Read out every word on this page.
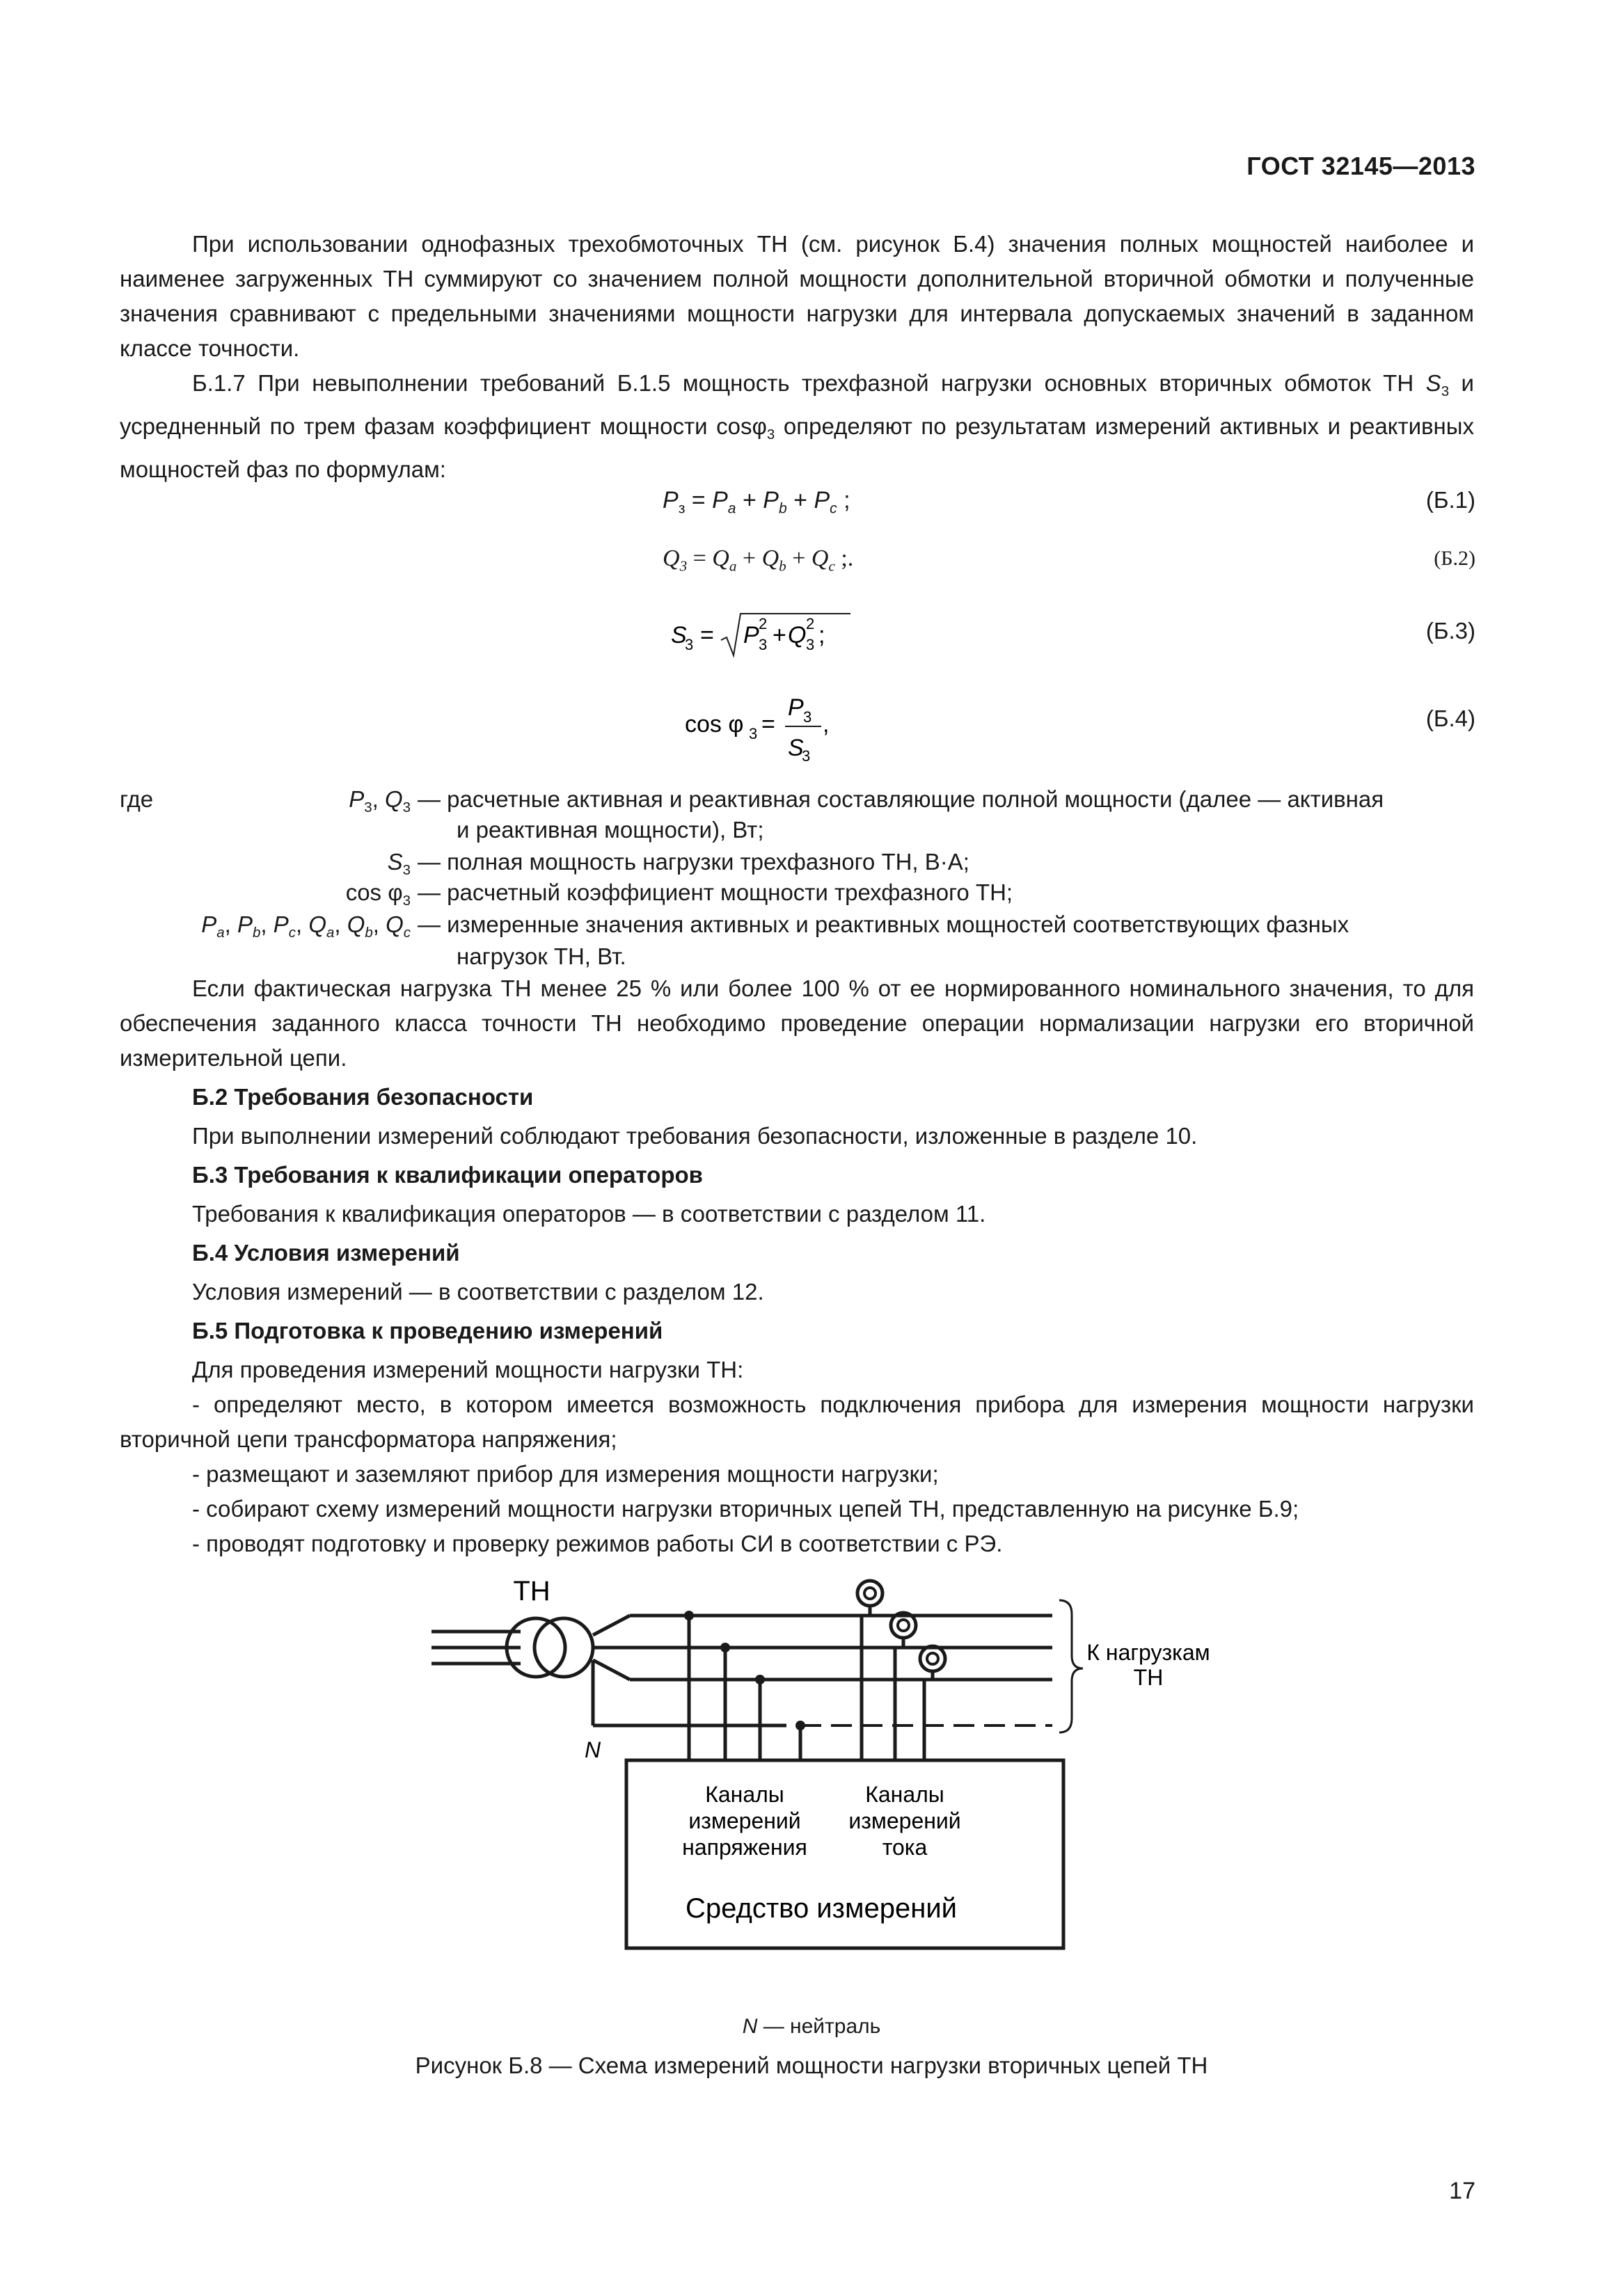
ГОСТ 32145—2013

При использовании однофазных трехобмоточных ТН (см. рисунок Б.4) значения полных мощностей наиболее и наименее загруженных ТН суммируют со значением полной мощности дополнительной вторичной обмотки и полученные значения сравнивают с предельными значениями мощности нагрузки для интервала допускаемых значений в заданном классе точности.

Б.1.7 При невыполнении требований Б.1.5 мощность трехфазной нагрузки основных вторичных обмоток ТН $S_3$ и усредненный по трем фазам коэффициент мощности cosφ$_3$ определяют по результатам измерений активных и реактивных мощностей фаз по формулам:

$P_з = P_a + P_b + P_c$ ;	(Б.1)
$Q_3 = Q_a + Q_b + Q_c$ ;.	(Б.2)
S
3 = P 2
3 + Q 2
3 ;	(Б.3)
cos φ 3 =
P 3
S
3
,	(Б.4)
где	$P_3$, $Q_3$ — расчетные активная и реактивная составляющие полной мощности (далее — активная
и реактивная мощности), Вт;
$S_3$ — полная мощность нагрузки трехфазного ТН, В·А;
$\cos \varphi_3$ — расчетный коэффициент мощности трехфазного ТН;
$P_a$, $P_b$, $P_c$, $Q_a$, $Q_b$, $Q_c$ — измеренные значения активных и реактивных мощностей соответствующих фазных
нагрузок ТН, Вт.

Если фактическая нагрузка ТН менее 25 % или более 100 % от ее нормированного номинального значения, то для обеспечения заданного класса точности ТН необходимо проведение операции нормализации нагрузки его вторичной измерительной цепи.

Б.2 Требования безопасности

При выполнении измерений соблюдают требования безопасности, изложенные в разделе 10.

Б.3 Требования к квалификации операторов

Требования к квалификация операторов — в соответствии с разделом 11.

Б.4 Условия измерений

Условия измерений — в соответствии с разделом 12.

Б.5 Подготовка к проведению измерений

Для проведения измерений мощности нагрузки ТН:

- определяют место, в котором имеется возможность подключения прибора для измерения мощности нагрузки вторичной цепи трансформатора напряжения;

- размещают и заземляют прибор для измерения мощности нагрузки;

- собирают схему измерений мощности нагрузки вторичных цепей ТН, представленную на рисунке Б.9;

- проводят подготовку и проверку режимов работы СИ в соответствии с РЭ.

ТН
N
К нагрузкам
ТН
Каналы
измерений
напряжения
Каналы
измерений
тока
Средство измерений
N — нейтраль
Рисунок Б.8 — Схема измерений мощности нагрузки вторичных цепей ТН
17
